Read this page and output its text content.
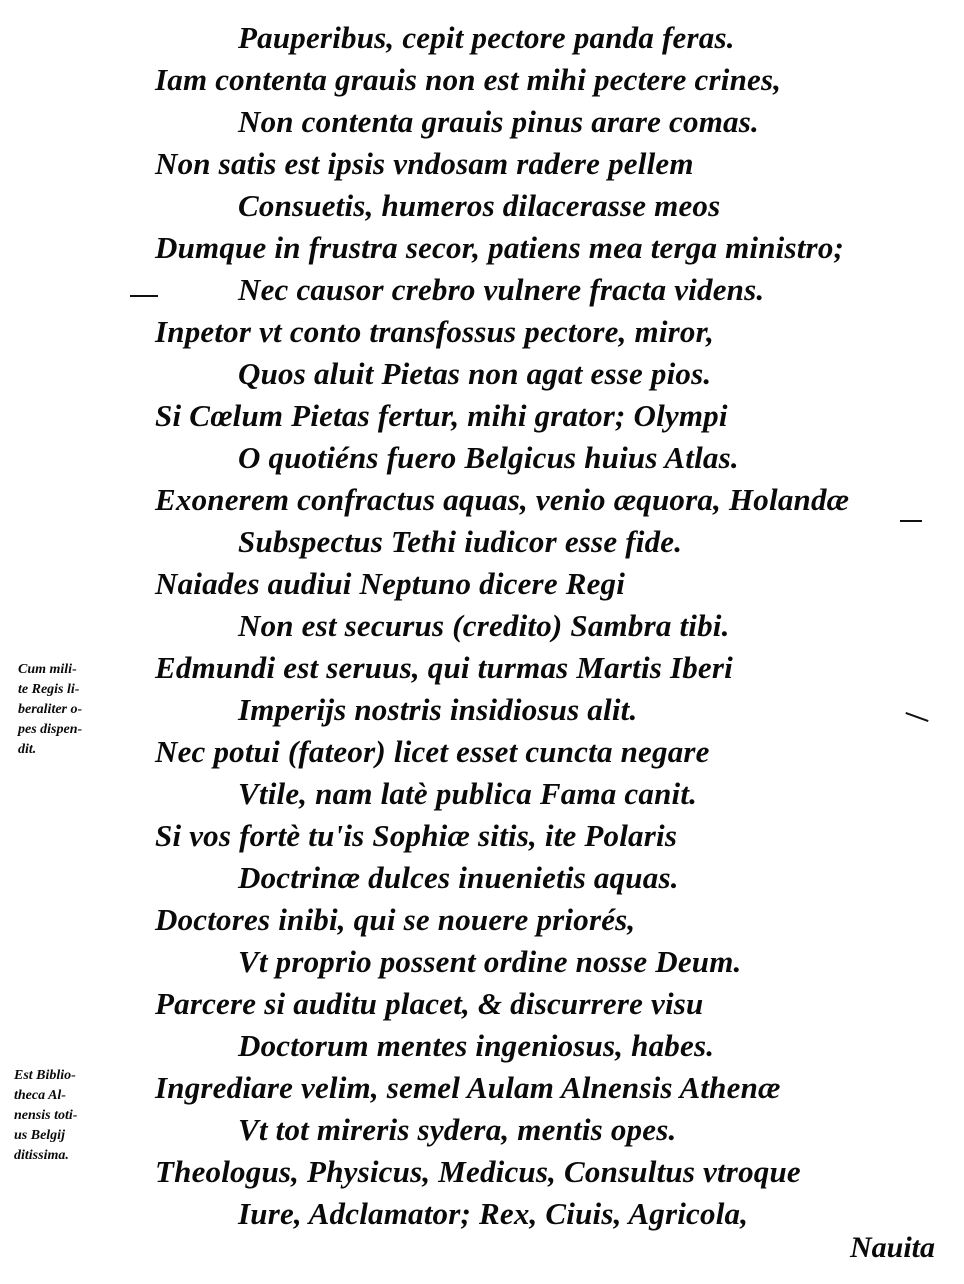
Pauperibus, cepit pectore panda feras.
Iam contenta grauis non est mihi pectere crines,
Non contenta grauis pinus arare comas.
Non satis est ipsis vndosam radere pellem
Consuetis, humeros dilacerasse meos
Dumque in frustra secor, patiens mea terga ministro;
Nec causor crebro vulnere fracta videns.
Inpetor vt conto transfossus pectore, miror,
Quos aluit Pietas non agat esse pios.
Si Cœlum Pietas fertur, mihi grator; Olympi
O quotiéns fuero Belgicus huius Atlas.
Exonerem confractus aquas, venio æquora, Holandæ
Subspectus Tethi iudicor esse fide.
Naiades audiui Neptuno dicere Regi
Non est securus (credito) Sambra tibi.
Edmundi est seruus, qui turmas Martis Iberi
Imperijs nostris insidiosus alit.
Nec potui (fateor) licet esset cuncta negare
Vtile, nam latè publica Fama canit.
Si vos fortè tu'is Sophiæ sitis, ite Polaris
Doctrinæ dulces inuenietis aquas.
Doctores inibi, qui se nouere priorés,
Vt proprio possent ordine nosse Deum.
Parcere si auditu placet, & discurrere visu
Doctorum mentes ingeniosus, habes.
Ingrediare velim, semel Aulam Alnensis Athenæ
Vt tot mireris sydera, mentis opes.
Theologus, Physicus, Medicus, Consultus vtroque
Iure, Adclamator; Rex, Ciuis, Agricola,
Nauita
Cum mili-
te Regis li-
beraliter o-
pes dispen-
dit.
Est Biblio-
theca Al-
nensis toti-
us Belgij
ditissima.
